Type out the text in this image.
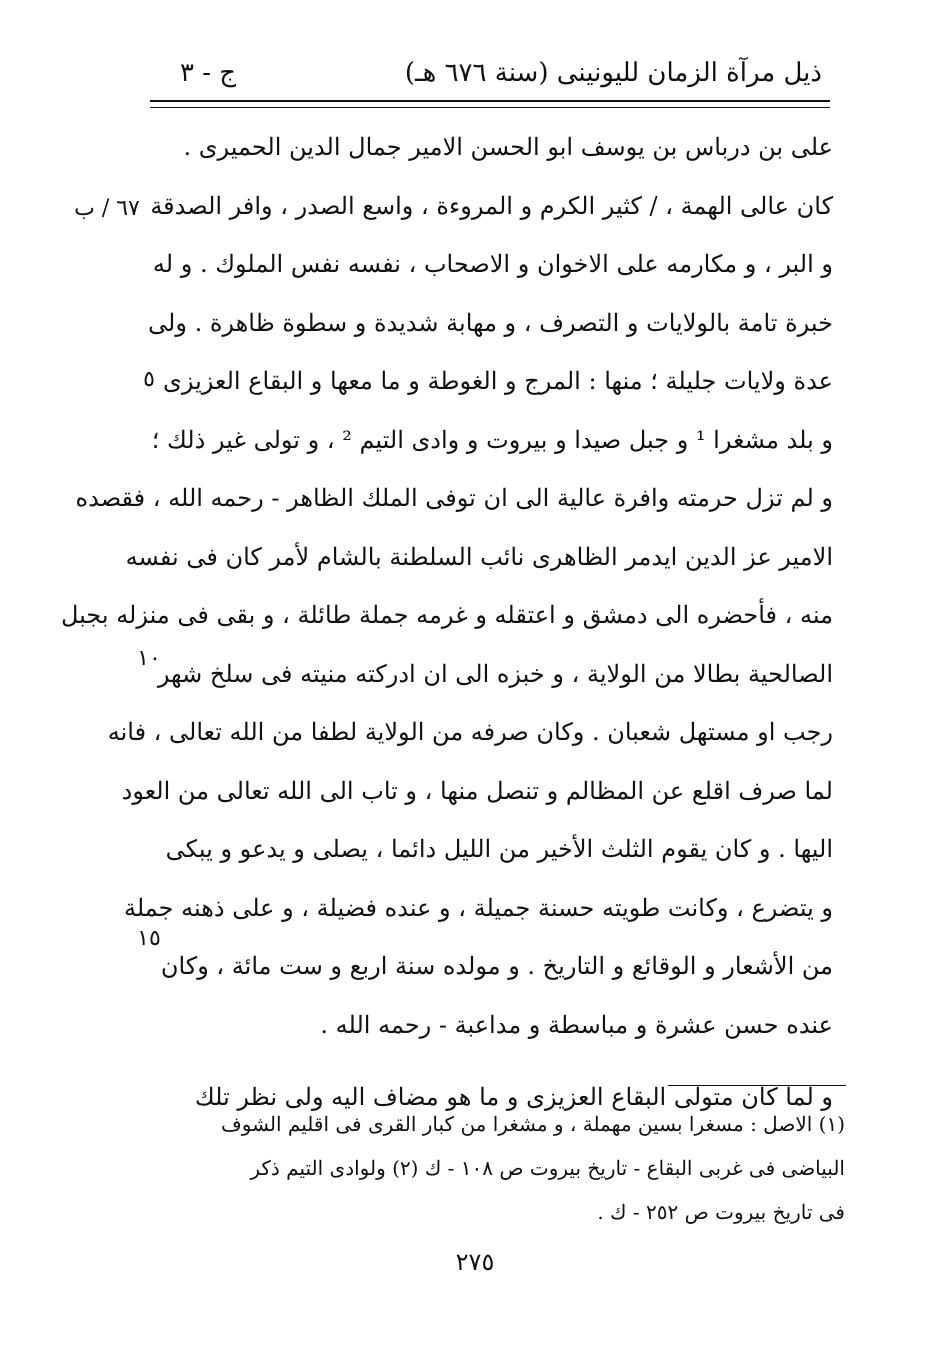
ذيل مرآة الزمان لليونينى (سنة ٦٧٦ هـ)
ج - ٣
على بن درباس بن يوسف ابو الحسن الامير جمال الدين الحميرى .
كان عالى الهمة ، / كثير الكرم و المروءة ، واسع الصدر ، وافر الصدقة
و البر ، و مكارمه على الاخوان و الاصحاب ، نفسه نفس الملوك . و له
خبرة تامة بالولايات و التصرف ، و مهابة شديدة و سطوة ظاهرة . ولى
عدة ولايات جليلة ؛ منها : المرج و الغوطة و ما معها و البقاع العزيزى
و بلد مشغرا ¹ و جبل صيدا و بيروت و وادى التيم ² ، و تولى غير ذلك ؛
و لم تزل حرمته وافرة عالية الى ان توفى الملك الظاهر - رحمه الله ، فقصده
الامير عز الدين ايدمر الظاهرى نائب السلطنة بالشام لأمر كان فى نفسه
منه ، فأحضره الى دمشق و اعتقله و غرمه جملة طائلة ، و بقى فى منزله بجبل
الصالحية بطالا من الولاية ، و خبزه الى ان ادركته منيته فى سلخ شهر
رجب او مستهل شعبان . وكان صرفه من الولاية لطفا من الله تعالى ، فانه
لما صرف اقلع عن المظالم و تنصل منها ، و تاب الى الله تعالى من العود
اليها . و كان يقوم الثلث الأخير من الليل دائما ، يصلى و يدعو و يبكى
و يتضرع ، وكانت طويته حسنة جميلة ، و عنده فضيلة ، و على ذهنه جملة
من الأشعار و الوقائع و التاريخ . و مولده سنة اربع و ست مائة ، وكان
عنده حسن عشرة و مباسطة و مداعبة - رحمه الله .
و لما كان متولى البقاع العزيزى و ما هو مضاف اليه ولى نظر تلك
٦٧ / ب
٥
١٠
١٥
(١) الاصل : مسغرا بسين مهملة ، و مشغرا من كبار القرى فى اقليم الشوف
البياضى فى غربى البقاع - تاريخ بيروت ص ١٠٨ - ك (٢) ولوادى التيم ذكر
فى تاريخ بيروت ص ٢٥٢ - ك .
٢٧٥
